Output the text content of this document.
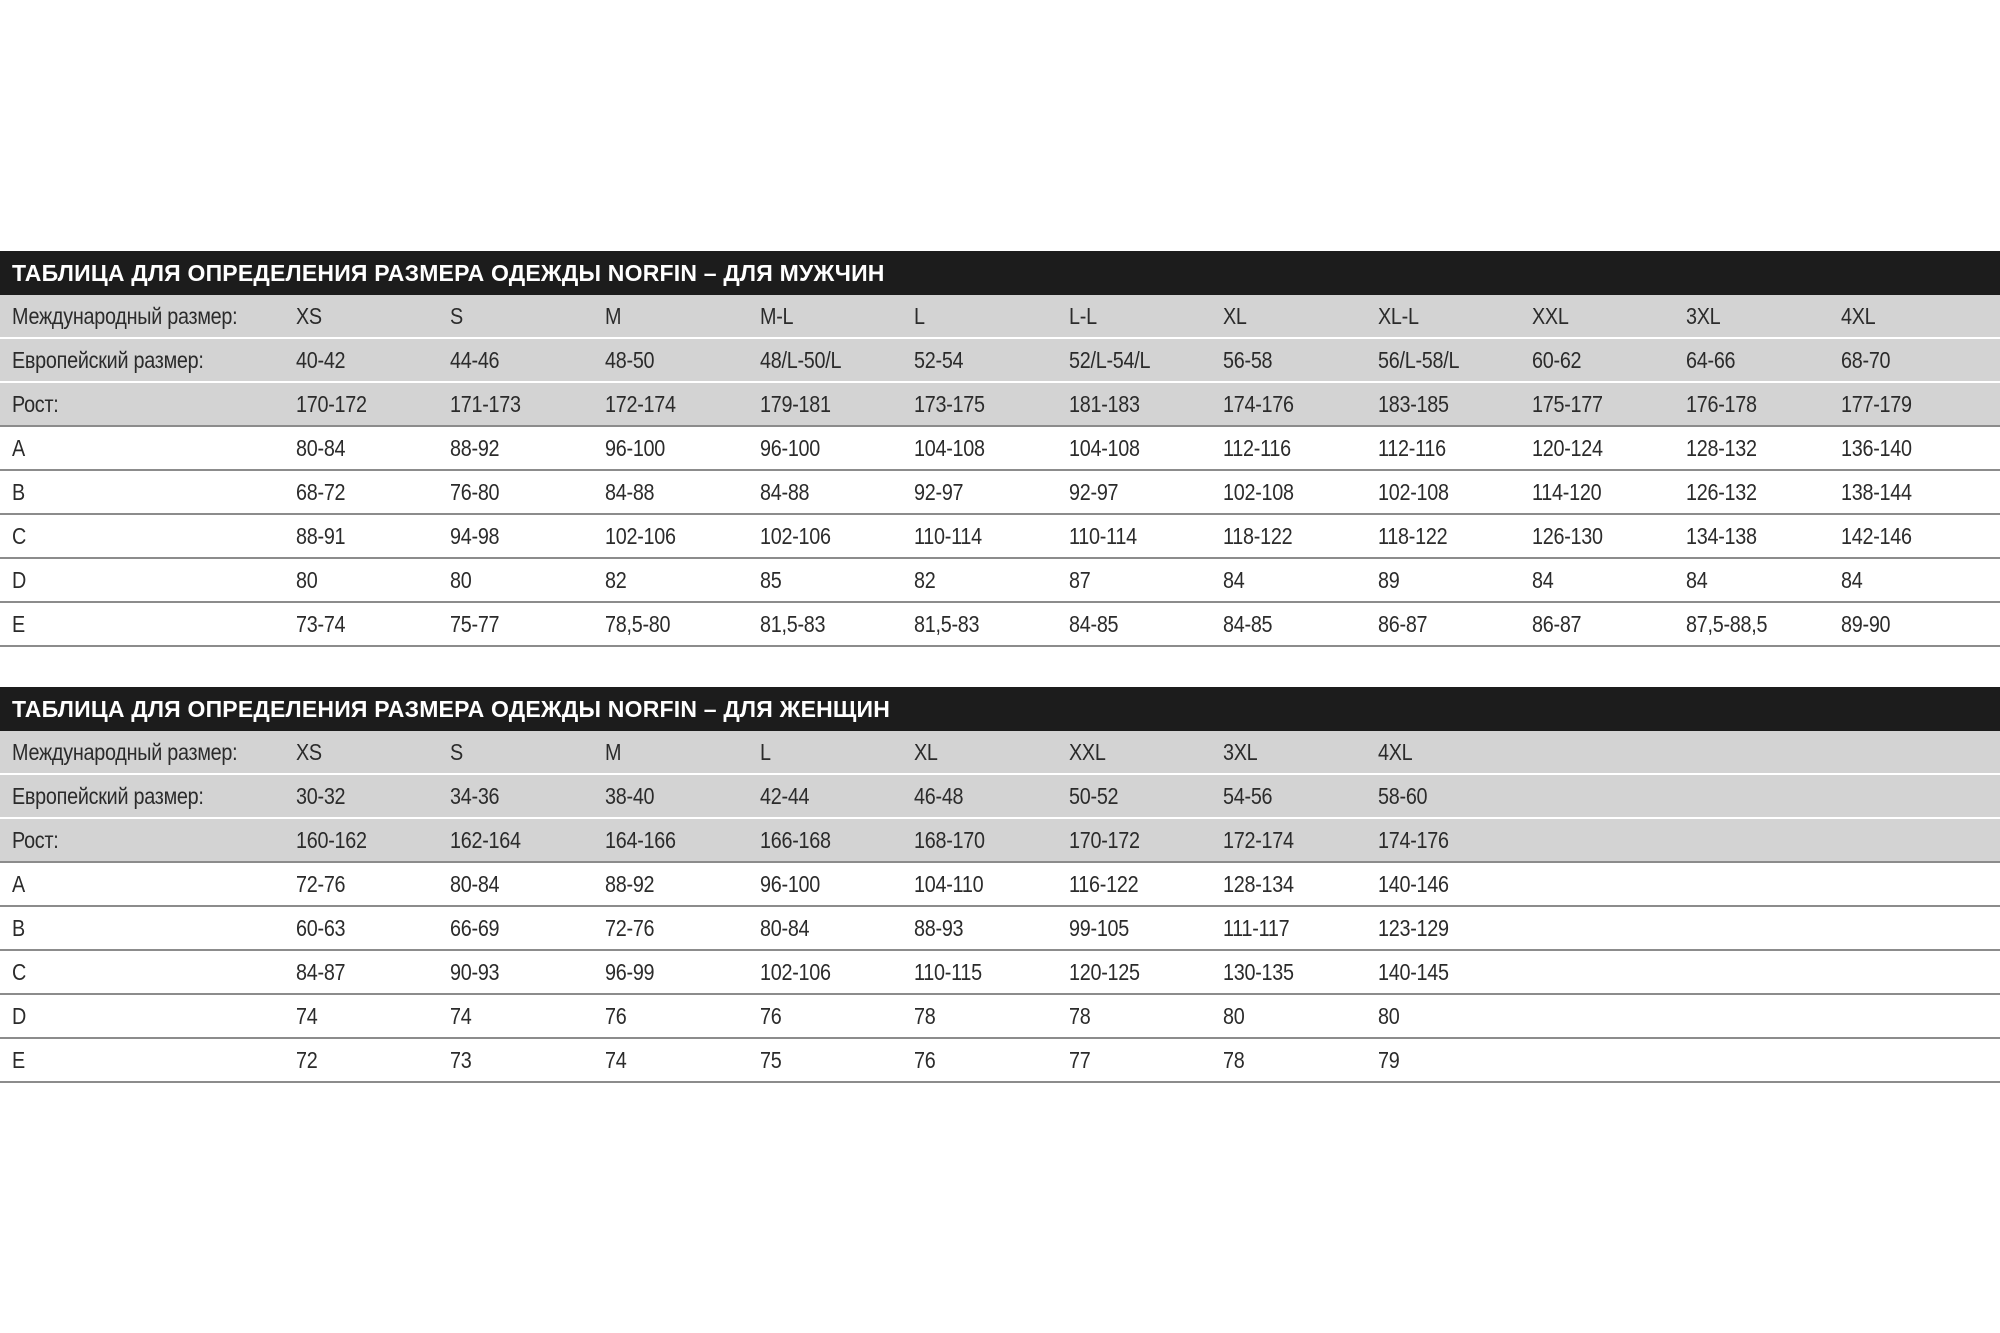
ТАБЛИЦА ДЛЯ ОПРЕДЕЛЕНИЯ РАЗМЕРА ОДЕЖДЫ NORFIN – ДЛЯ МУЖЧИН
Международный размер:	XS	S	M	M-L	L	L-L	XL	XL-L	XXL	3XL	4XL
Европейский размер:	40-42	44-46	48-50	48/L-50/L	52-54	52/L-54/L	56-58	56/L-58/L	60-62	64-66	68-70
Рост:	170-172	171-173	172-174	179-181	173-175	181-183	174-176	183-185	175-177	176-178	177-179
A	80-84	88-92	96-100	96-100	104-108	104-108	112-116	112-116	120-124	128-132	136-140
B	68-72	76-80	84-88	84-88	92-97	92-97	102-108	102-108	114-120	126-132	138-144
C	88-91	94-98	102-106	102-106	110-114	110-114	118-122	118-122	126-130	134-138	142-146
D	80	80	82	85	82	87	84	89	84	84	84
E	73-74	75-77	78,5-80	81,5-83	81,5-83	84-85	84-85	86-87	86-87	87,5-88,5	89-90
ТАБЛИЦА ДЛЯ ОПРЕДЕЛЕНИЯ РАЗМЕРА ОДЕЖДЫ NORFIN – ДЛЯ ЖЕНЩИН
Международный размер:	XS	S	M	L	XL	XXL	3XL	4XL
Европейский размер:	30-32	34-36	38-40	42-44	46-48	50-52	54-56	58-60
Рост:	160-162	162-164	164-166	166-168	168-170	170-172	172-174	174-176
A	72-76	80-84	88-92	96-100	104-110	116-122	128-134	140-146
B	60-63	66-69	72-76	80-84	88-93	99-105	111-117	123-129
C	84-87	90-93	96-99	102-106	110-115	120-125	130-135	140-145
D	74	74	76	76	78	78	80	80
E	72	73	74	75	76	77	78	79
